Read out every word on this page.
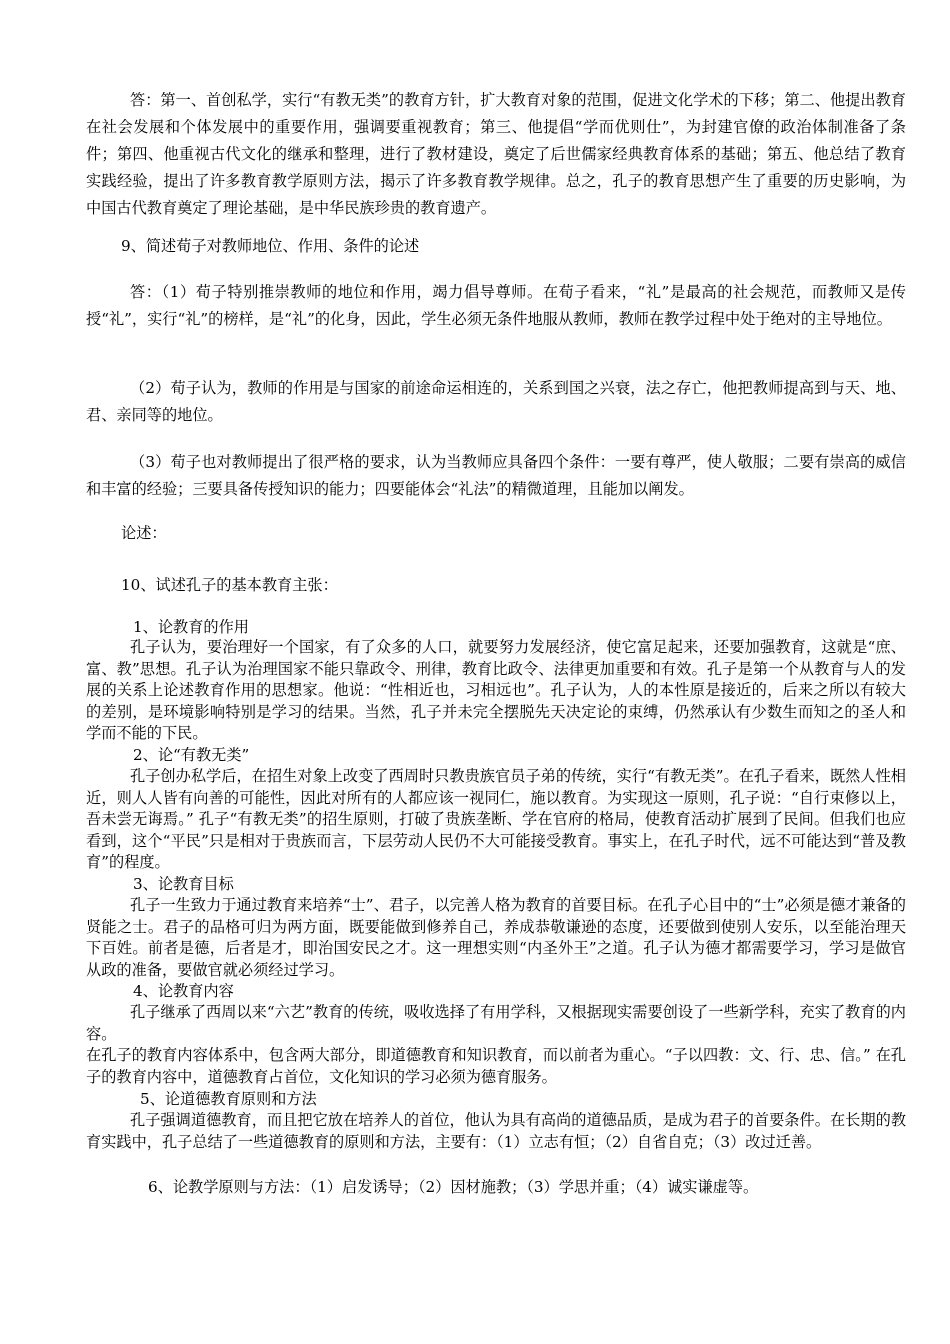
答：第一、首创私学，实行“有教无类”的教育方针，扩大教育对象的范围，促进文化学术的下移；第二、他提出教育在社会发展和个体发展中的重要作用，强调要重视教育；第三、他提倡“学而优则仕”，为封建官僚的政治体制准备了条件；第四、他重视古代文化的继承和整理，进行了教材建设，奠定了后世儒家经典教育体系的基础；第五、他总结了教育实践经验，提出了许多教育教学原则方法，揭示了许多教育教学规律。总之，孔子的教育思想产生了重要的历史影响，为中国古代教育奠定了理论基础，是中华民族珍贵的教育遗产。

9、简述荀子对教师地位、作用、条件的论述

答：（1）荀子特别推崇教师的地位和作用，竭力倡导尊师。在荀子看来，“礼”是最高的社会规范，而教师又是传授“礼”，实行“礼”的榜样，是“礼”的化身，因此，学生必须无条件地服从教师，教师在教学过程中处于绝对的主导地位。

（2）荀子认为，教师的作用是与国家的前途命运相连的，关系到国之兴衰，法之存亡，他把教师提高到与天、地、君、亲同等的地位。

（3）荀子也对教师提出了很严格的要求，认为当教师应具备四个条件：一要有尊严，使人敬服；二要有崇高的威信和丰富的经验；三要具备传授知识的能力；四要能体会“礼法”的精微道理，且能加以阐发。

论述：

10、试述孔子的基本教育主张：

1、论教育的作用

孔子认为，要治理好一个国家，有了众多的人口，就要努力发展经济，使它富足起来，还要加强教育，这就是“庶、富、教”思想。孔子认为治理国家不能只靠政令、刑律，教育比政令、法律更加重要和有效。孔子是第一个从教育与人的发展的关系上论述教育作用的思想家。他说：“性相近也，习相远也”。孔子认为，人的本性原是接近的，后来之所以有较大的差别，是环境影响特别是学习的结果。当然，孔子并未完全摆脱先天决定论的束缚，仍然承认有少数生而知之的圣人和学而不能的下民。

2、论“有教无类”

孔子创办私学后，在招生对象上改变了西周时只教贵族官员子弟的传统，实行“有教无类”。在孔子看来，既然人性相近，则人人皆有向善的可能性，因此对所有的人都应该一视同仁，施以教育。为实现这一原则，孔子说：“自行束修以上，吾未尝无诲焉。” 孔子“有教无类”的招生原则，打破了贵族垄断、学在官府的格局，使教育活动扩展到了民间。但我们也应看到，这个“平民”只是相对于贵族而言，下层劳动人民仍不大可能接受教育。事实上，在孔子时代，远不可能达到“普及教育”的程度。

3、论教育目标

孔子一生致力于通过教育来培养“士”、君子，以完善人格为教育的首要目标。在孔子心目中的“士”必须是德才兼备的贤能之士。君子的品格可归为两方面，既要能做到修养自己，养成恭敬谦逊的态度，还要做到使别人安乐，以至能治理天下百姓。前者是德，后者是才，即治国安民之才。这一理想实则“内圣外王”之道。孔子认为德才都需要学习，学习是做官从政的准备，要做官就必须经过学习。

4、论教育内容

孔子继承了西周以来“六艺”教育的传统，吸收选择了有用学科，又根据现实需要创设了一些新学科，充实了教育的内容。

在孔子的教育内容体系中，包含两大部分，即道德教育和知识教育，而以前者为重心。“子以四教：文、行、忠、信。” 在孔子的教育内容中，道德教育占首位，文化知识的学习必须为德育服务。

5、论道德教育原则和方法

孔子强调道德教育，而且把它放在培养人的首位，他认为具有高尚的道德品质，是成为君子的首要条件。在长期的教育实践中，孔子总结了一些道德教育的原则和方法，主要有：（1）立志有恒；（2）自省自克；（3）改过迁善。

6、论教学原则与方法：（1）启发诱导；（2）因材施教；（3）学思并重；（4）诚实谦虚等。
